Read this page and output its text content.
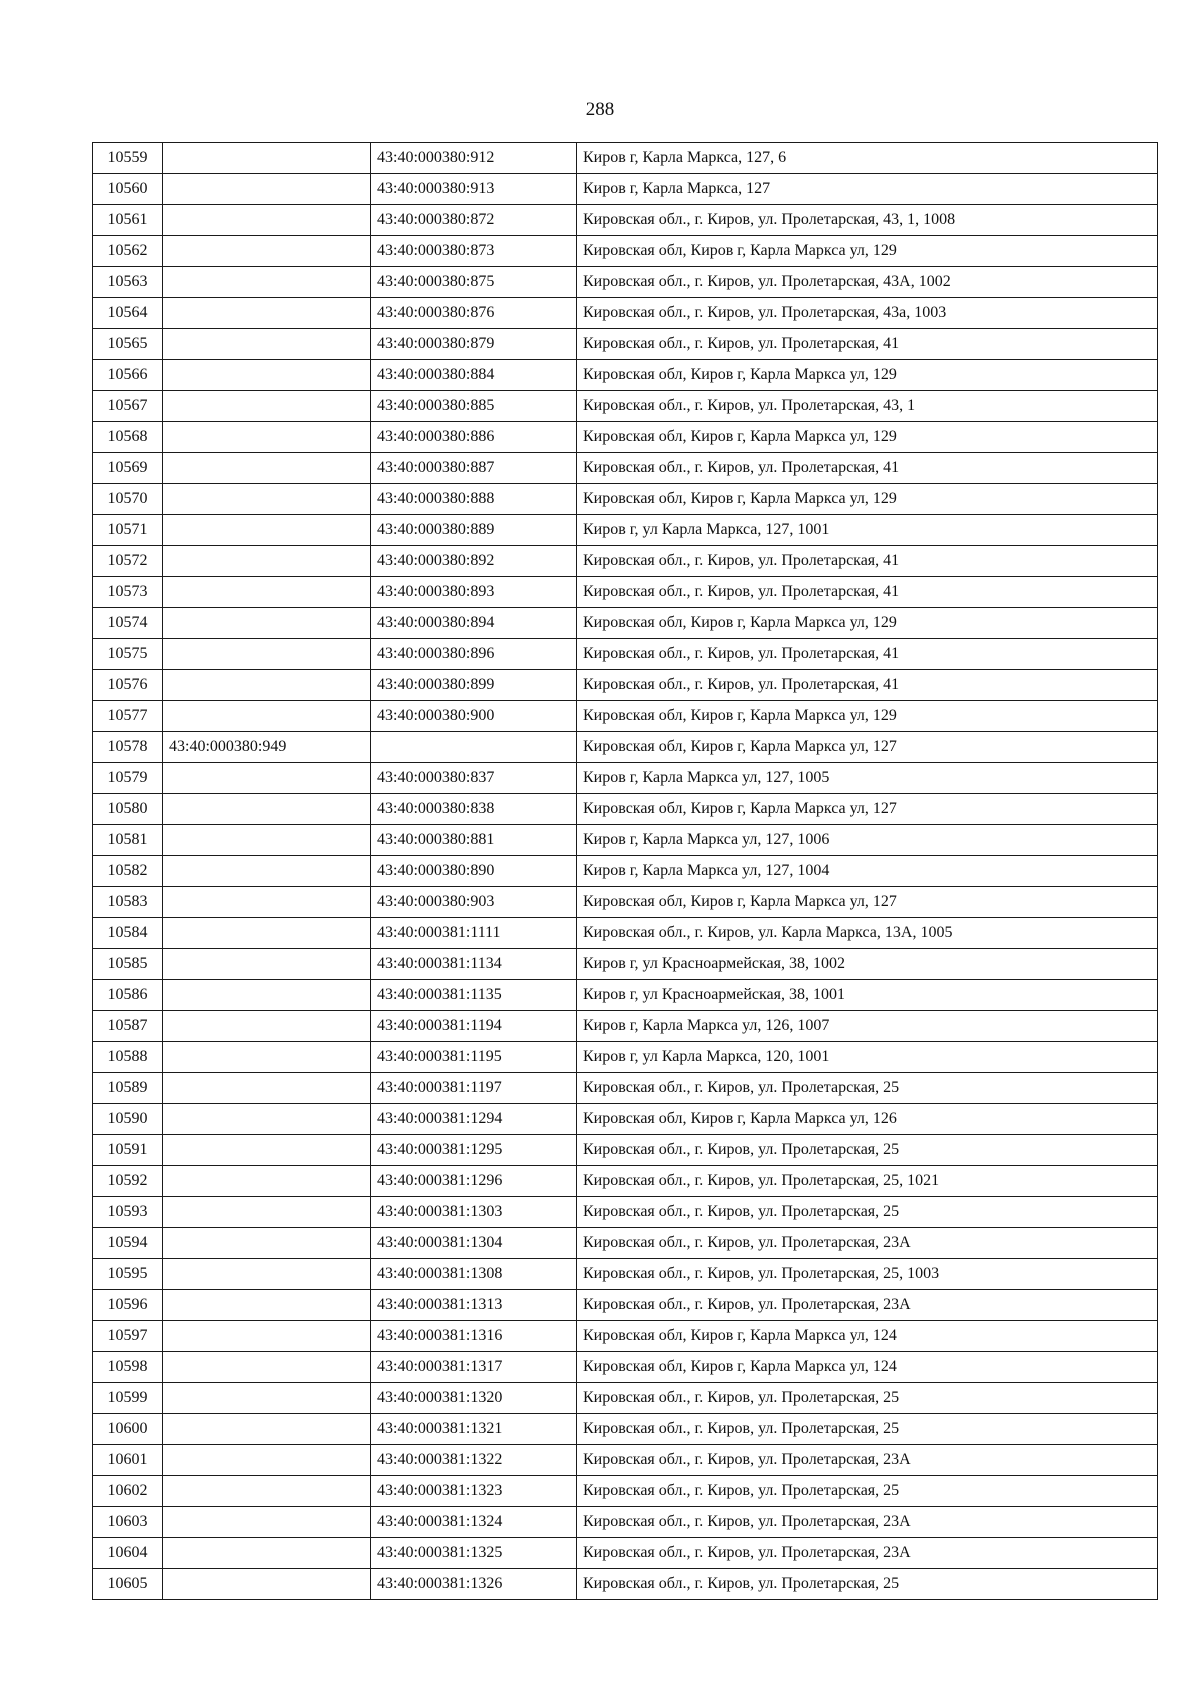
288
10559		43:40:000380:912	Киров г, Карла Маркса, 127, 6
10560		43:40:000380:913	Киров г, Карла Маркса, 127
10561		43:40:000380:872	Кировская обл., г. Киров, ул. Пролетарская, 43, 1, 1008
10562		43:40:000380:873	Кировская обл, Киров г, Карла Маркса ул, 129
10563		43:40:000380:875	Кировская обл., г. Киров, ул. Пролетарская, 43А, 1002
10564		43:40:000380:876	Кировская обл., г. Киров, ул. Пролетарская, 43а, 1003
10565		43:40:000380:879	Кировская обл., г. Киров, ул. Пролетарская, 41
10566		43:40:000380:884	Кировская обл, Киров г, Карла Маркса ул, 129
10567		43:40:000380:885	Кировская обл., г. Киров, ул. Пролетарская, 43, 1
10568		43:40:000380:886	Кировская обл, Киров г, Карла Маркса ул, 129
10569		43:40:000380:887	Кировская обл., г. Киров, ул. Пролетарская, 41
10570		43:40:000380:888	Кировская обл, Киров г, Карла Маркса ул, 129
10571		43:40:000380:889	Киров г, ул Карла Маркса, 127, 1001
10572		43:40:000380:892	Кировская обл., г. Киров, ул. Пролетарская, 41
10573		43:40:000380:893	Кировская обл., г. Киров, ул. Пролетарская, 41
10574		43:40:000380:894	Кировская обл, Киров г, Карла Маркса ул, 129
10575		43:40:000380:896	Кировская обл., г. Киров, ул. Пролетарская, 41
10576		43:40:000380:899	Кировская обл., г. Киров, ул. Пролетарская, 41
10577		43:40:000380:900	Кировская обл, Киров г, Карла Маркса ул, 129
10578	43:40:000380:949		Кировская обл, Киров г, Карла Маркса ул, 127
10579		43:40:000380:837	Киров г, Карла Маркса ул, 127, 1005
10580		43:40:000380:838	Кировская обл, Киров г, Карла Маркса ул, 127
10581		43:40:000380:881	Киров г, Карла Маркса ул, 127, 1006
10582		43:40:000380:890	Киров г, Карла Маркса ул, 127, 1004
10583		43:40:000380:903	Кировская обл, Киров г, Карла Маркса ул, 127
10584		43:40:000381:1111	Кировская обл., г. Киров, ул. Карла Маркса, 13А, 1005
10585		43:40:000381:1134	Киров г, ул Красноармейская, 38, 1002
10586		43:40:000381:1135	Киров г, ул Красноармейская, 38, 1001
10587		43:40:000381:1194	Киров г, Карла Маркса ул, 126, 1007
10588		43:40:000381:1195	Киров г, ул Карла Маркса, 120, 1001
10589		43:40:000381:1197	Кировская обл., г. Киров, ул. Пролетарская, 25
10590		43:40:000381:1294	Кировская обл, Киров г, Карла Маркса ул, 126
10591		43:40:000381:1295	Кировская обл., г. Киров, ул. Пролетарская, 25
10592		43:40:000381:1296	Кировская обл., г. Киров, ул. Пролетарская, 25, 1021
10593		43:40:000381:1303	Кировская обл., г. Киров, ул. Пролетарская, 25
10594		43:40:000381:1304	Кировская обл., г. Киров, ул. Пролетарская, 23А
10595		43:40:000381:1308	Кировская обл., г. Киров, ул. Пролетарская, 25, 1003
10596		43:40:000381:1313	Кировская обл., г. Киров, ул. Пролетарская, 23А
10597		43:40:000381:1316	Кировская обл, Киров г, Карла Маркса ул, 124
10598		43:40:000381:1317	Кировская обл, Киров г, Карла Маркса ул, 124
10599		43:40:000381:1320	Кировская обл., г. Киров, ул. Пролетарская, 25
10600		43:40:000381:1321	Кировская обл., г. Киров, ул. Пролетарская, 25
10601		43:40:000381:1322	Кировская обл., г. Киров, ул. Пролетарская, 23А
10602		43:40:000381:1323	Кировская обл., г. Киров, ул. Пролетарская, 25
10603		43:40:000381:1324	Кировская обл., г. Киров, ул. Пролетарская, 23А
10604		43:40:000381:1325	Кировская обл., г. Киров, ул. Пролетарская, 23А
10605		43:40:000381:1326	Кировская обл., г. Киров, ул. Пролетарская, 25
